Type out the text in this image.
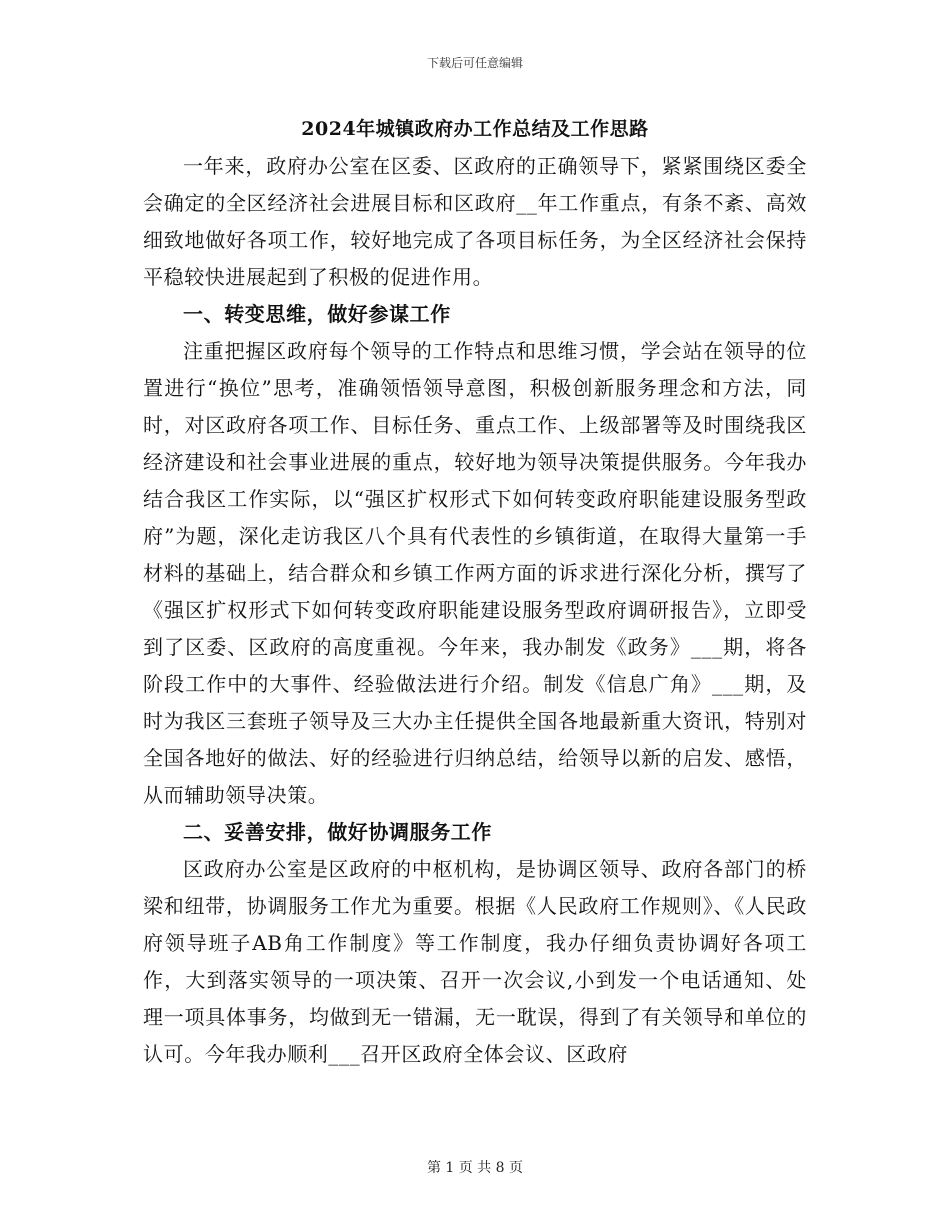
下载后可任意编辑
2024年城镇政府办工作总结及工作思路

一年来，政府办公室在区委、区政府的正确领导下，紧紧围绕区委全会确定的全区经济社会进展目标和区政府__年工作重点，有条不紊、高效细致地做好各项工作，较好地完成了各项目标任务，为全区经济社会保持平稳较快进展起到了积极的促进作用。

一、转变思维，做好参谋工作

注重把握区政府每个领导的工作特点和思维习惯，学会站在领导的位置进行“换位”思考，准确领悟领导意图，积极创新服务理念和方法，同时，对区政府各项工作、目标任务、重点工作、上级部署等及时围绕我区经济建设和社会事业进展的重点，较好地为领导决策提供服务。今年我办结合我区工作实际，以“强区扩权形式下如何转变政府职能建设服务型政府”为题，深化走访我区八个具有代表性的乡镇街道，在取得大量第一手材料的基础上，结合群众和乡镇工作两方面的诉求进行深化分析，撰写了《强区扩权形式下如何转变政府职能建设服务型政府调研报告》，立即受到了区委、区政府的高度重视。今年来，我办制发《政务》___期，将各阶段工作中的大事件、经验做法进行介绍。制发《信息广角》___期，及时为我区三套班子领导及三大办主任提供全国各地最新重大资讯，特别对全国各地好的做法、好的经验进行归纳总结，给领导以新的启发、感悟，从而辅助领导决策。

二、妥善安排，做好协调服务工作

区政府办公室是区政府的中枢机构，是协调区领导、政府各部门的桥梁和纽带，协调服务工作尤为重要。根据《人民政府工作规则》、《人民政府领导班子AB角工作制度》等工作制度，我办仔细负责协调好各项工作，大到落实领导的一项决策、召开一次会议,小到发一个电话通知、处理一项具体事务，均做到无一错漏，无一耽误，得到了有关领导和单位的认可。今年我办顺利___召开区政府全体会议、区政府

第 1 页 共 8 页
